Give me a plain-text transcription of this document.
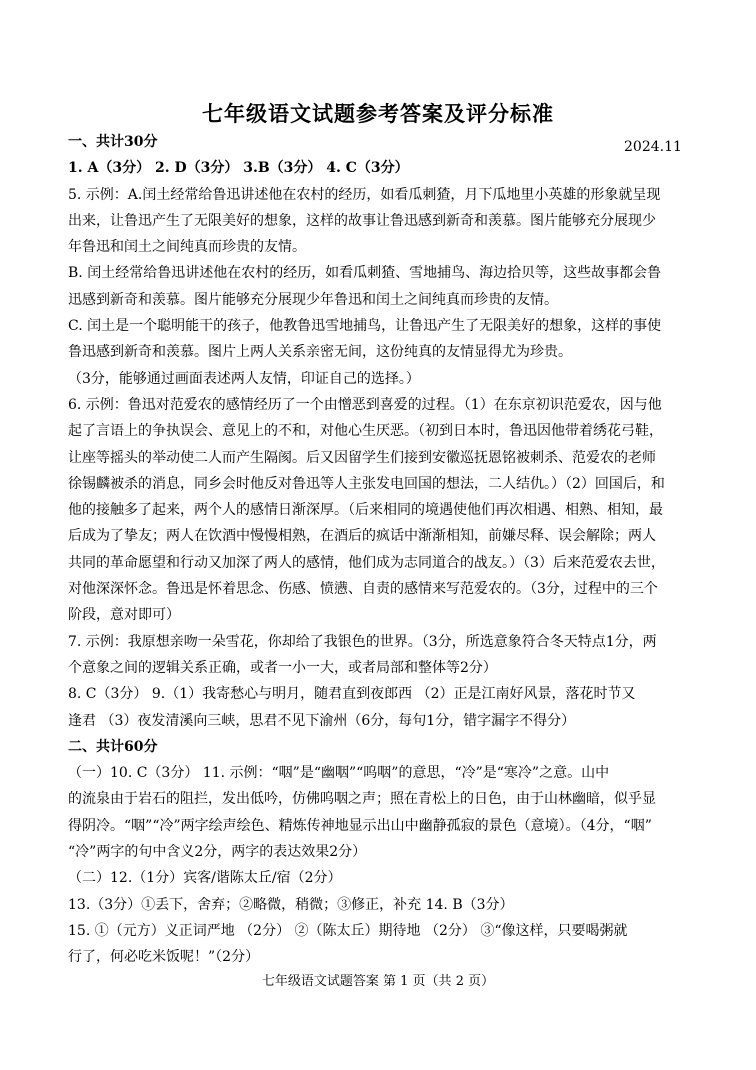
七年级语文试题参考答案及评分标准
2024.11
一、共计30分
1. A（3分） 2. D（3分） 3.B（3分） 4. C（3分）
5. 示例：A.闰土经常给鲁迅讲述他在农村的经历，如看瓜刺猹，月下瓜地里小英雄的形象就呈现
出来，让鲁迅产生了无限美好的想象，这样的故事让鲁迅感到新奇和羡慕。图片能够充分展现少
年鲁迅和闰土之间纯真而珍贵的友情。
B. 闰土经常给鲁迅讲述他在农村的经历，如看瓜刺猹、雪地捕鸟、海边拾贝等，这些故事都会鲁
迅感到新奇和羡慕。图片能够充分展现少年鲁迅和闰土之间纯真而珍贵的友情。
C. 闰土是一个聪明能干的孩子，他教鲁迅雪地捕鸟，让鲁迅产生了无限美好的想象，这样的事使
鲁迅感到新奇和羡慕。图片上两人关系亲密无间，这份纯真的友情显得尤为珍贵。
（3分，能够通过画面表述两人友情，印证自己的选择。）
6. 示例：鲁迅对范爱农的感情经历了一个由憎恶到喜爱的过程。（1）在东京初识范爱农，因与他
起了言语上的争执误会、意见上的不和，对他心生厌恶。（初到日本时，鲁迅因他带着绣花弓鞋，
让座等摇头的举动使二人而产生隔阂。后又因留学生们接到安徽巡抚恩铭被刺杀、范爱农的老师
徐锡麟被杀的消息，同乡会时他反对鲁迅等人主张发电回国的想法，二人结仇。）（2）回国后，和
他的接触多了起来，两个人的感情日渐深厚。（后来相同的境遇使他们再次相遇、相熟、相知，最
后成为了挚友；两人在饮酒中慢慢相熟，在酒后的疯话中渐渐相知，前嫌尽释、误会解除；两人
共同的革命愿望和行动又加深了两人的感情，他们成为志同道合的战友。）（3）后来范爱农去世，
对他深深怀念。鲁迅是怀着思念、伤感、愤懑、自责的感情来写范爱农的。（3分，过程中的三个
阶段，意对即可）
7. 示例：我原想亲吻一朵雪花，你却给了我银色的世界。（3分，所选意象符合冬天特点1分，两
个意象之间的逻辑关系正确，或者一小一大，或者局部和整体等2分）
8. C（3分） 9.（1）我寄愁心与明月，随君直到夜郎西 （2）正是江南好风景，落花时节又
逢君 （3）夜发清溪向三峡，思君不见下渝州（6分，每句1分，错字漏字不得分）
二、共计60分
（一）10. C（3分） 11. 示例：“咽”是“幽咽”“呜咽”的意思，“冷”是“寒冷”之意。山中
的流泉由于岩石的阻拦，发出低吟，仿佛呜咽之声；照在青松上的日色，由于山林幽暗，似乎显
得阴冷。“咽”“冷”两字绘声绘色、精炼传神地显示出山中幽静孤寂的景色（意境）。（4分，“咽”
“冷”两字的句中含义2分，两字的表达效果2分）
（二）12.（1分）宾客/谐陈太丘/宿（2分）
13.（3分）①丢下，舍弃；②略微，稍微；③修正，补充 14. B（3分）
15. ①（元方）义正词严地 （2分） ②（陈太丘）期待地 （2分） ③“像这样，只要喝粥就
行了，何必吃米饭呢！”（2分）
七年级语文试题答案 第 1 页（共 2 页）
